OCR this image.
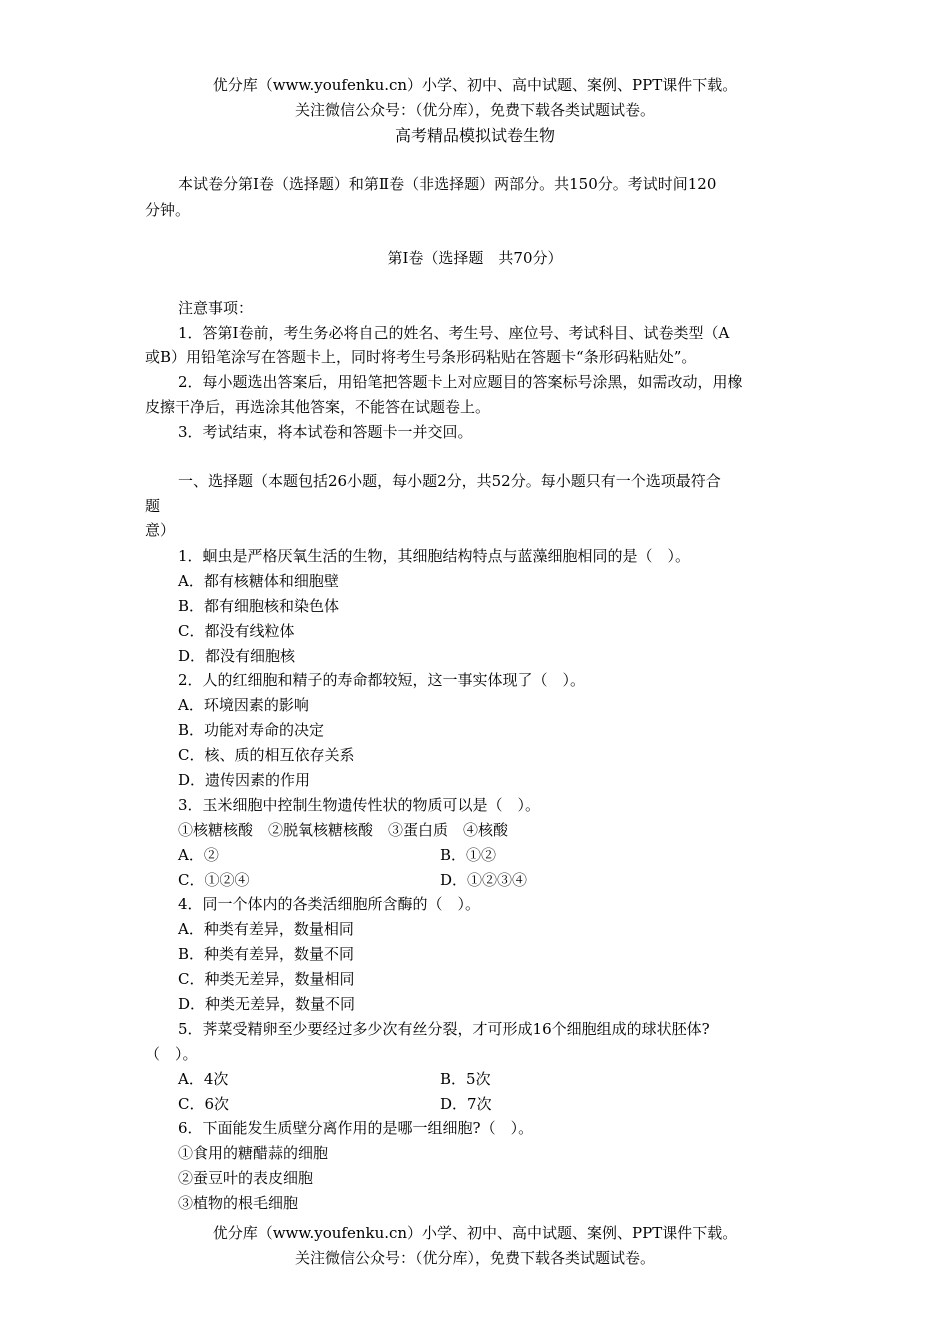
优分库（www.youfenku.cn）小学、初中、高中试题、案例、PPT课件下载。
关注微信公众号：（优分库），免费下载各类试题试卷。
高考精品模拟试卷生物
本试卷分第Ⅰ卷（选择题）和第Ⅱ卷（非选择题）两部分。共150分。考试时间120
分钟。
第Ⅰ卷（选择题　共70分）
注意事项：
1．答第Ⅰ卷前，考生务必将自己的姓名、考生号、座位号、考试科目、试卷类型（A
或B）用铅笔涂写在答题卡上，同时将考生号条形码粘贴在答题卡“条形码粘贴处”。
2．每小题选出答案后，用铅笔把答题卡上对应题目的答案标号涂黑，如需改动，用橡
皮擦干净后，再选涂其他答案，不能答在试题卷上。
3．考试结束，将本试卷和答题卡一并交回。
一、选择题（本题包括26小题，每小题2分，共52分。每小题只有一个选项最符合
题
意）
1．蛔虫是严格厌氧生活的生物，其细胞结构特点与蓝藻细胞相同的是（　）。
A．都有核糖体和细胞壁
B．都有细胞核和染色体
C．都没有线粒体
D．都没有细胞核
2．人的红细胞和精子的寿命都较短，这一事实体现了（　）。
A．环境因素的影响
B．功能对寿命的决定
C．核、质的相互依存关系
D．遗传因素的作用
3．玉米细胞中控制生物遗传性状的物质可以是（　）。
①核糖核酸　②脱氧核糖核酸　③蛋白质　④核酸
A．②	B．①②
C．①②④	D．①②③④
4．同一个体内的各类活细胞所含酶的（　）。
A．种类有差异，数量相同
B．种类有差异，数量不同
C．种类无差异，数量相同
D．种类无差异，数量不同
5．荠菜受精卵至少要经过多少次有丝分裂，才可形成16个细胞组成的球状胚体?
（　）。
A．4次	B．5次
C．6次	D．7次
6．下面能发生质壁分离作用的是哪一组细胞?（　）。
①食用的糖醋蒜的细胞
②蚕豆叶的表皮细胞
③植物的根毛细胞
优分库（www.youfenku.cn）小学、初中、高中试题、案例、PPT课件下载。
关注微信公众号：（优分库），免费下载各类试题试卷。
